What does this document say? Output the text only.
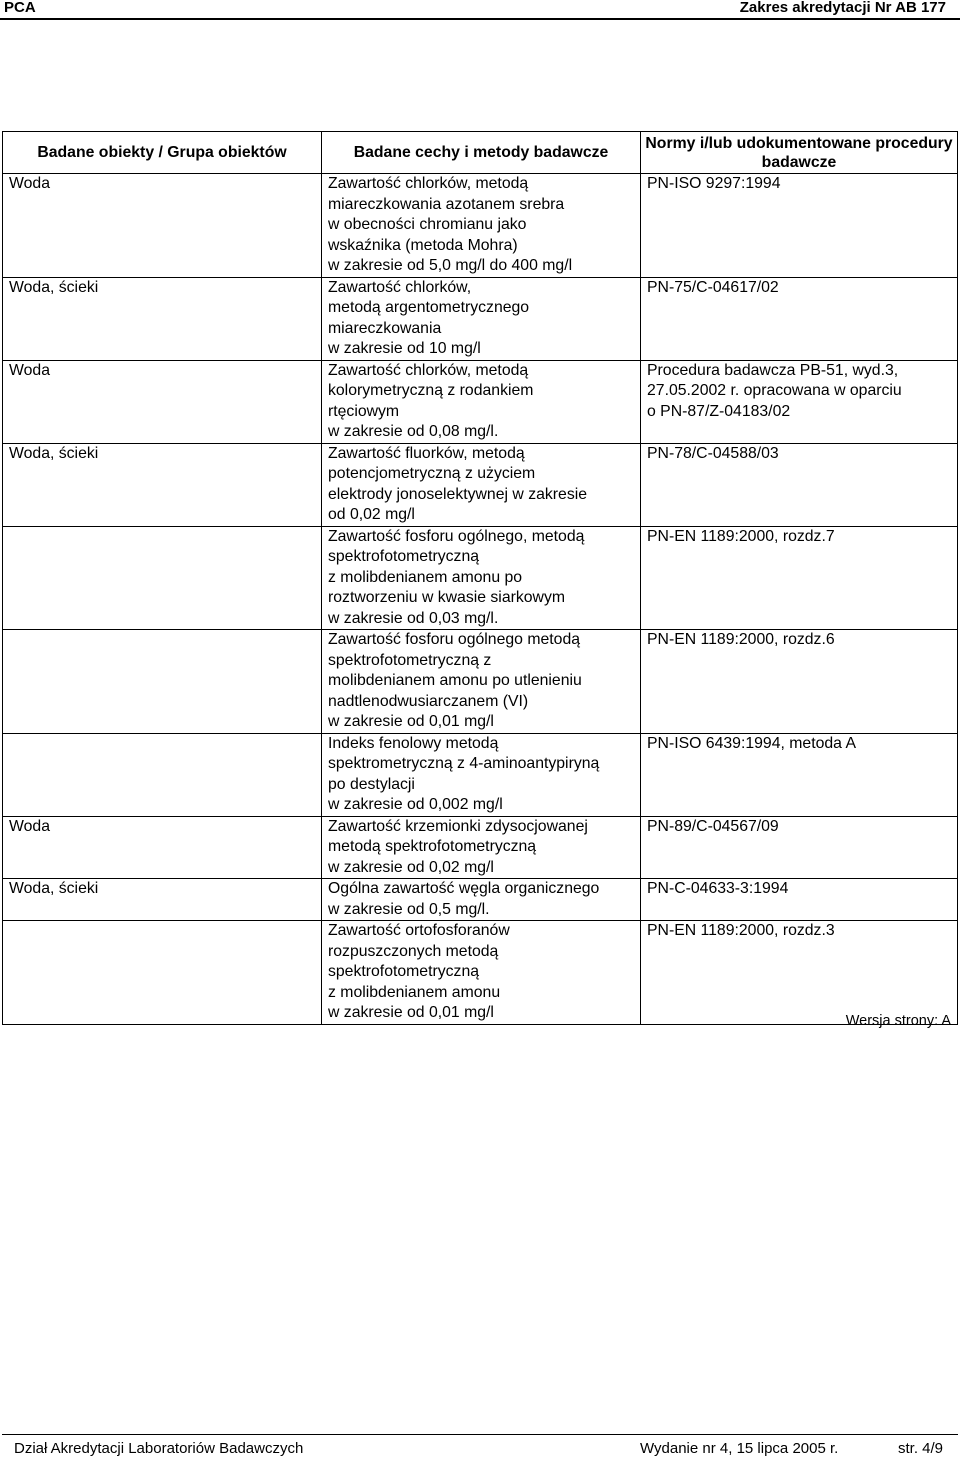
PCA	Zakres akredytacji Nr AB 177
Badane obiekty / Grupa obiektów	Badane cechy i metody badawcze	Normy i/lub udokumentowane procedury badawcze
Woda	Zawartość chlorków, metodą
miareczkowania azotanem srebra
w obecności chromianu jako
wskaźnika (metoda Mohra)
w zakresie od 5,0 mg/l do 400 mg/l	PN-ISO 9297:1994

Woda, ścieki	Zawartość chlorków,
metodą argentometrycznego
miareczkowania
w zakresie od 10 mg/l	PN-75/C-04617/02

Woda	Zawartość chlorków, metodą
kolorymetryczną z rodankiem
rtęciowym
w zakresie od 0,08 mg/l.	Procedura badawcza PB-51, wyd.3,
27.05.2002 r. opracowana w oparciu
o PN-87/Z-04183/02

Woda, ścieki	Zawartość fluorków, metodą
potencjometryczną z użyciem
elektrody jonoselektywnej w zakresie
od 0,02 mg/l	PN-78/C-04588/03

	Zawartość fosforu ogólnego, metodą
spektrofotometryczną
z molibdenianem amonu po
roztworzeniu w kwasie siarkowym
w zakresie od 0,03 mg/l.	PN-EN 1189:2000, rozdz.7

	Zawartość fosforu ogólnego metodą
spektrofotometryczną z
molibdenianem amonu po utlenieniu
nadtlenodwusiarczanem (VI)
w zakresie od 0,01 mg/l	PN-EN 1189:2000, rozdz.6

	Indeks fenolowy metodą
spektrometryczną z 4-aminoantypiryną
po destylacji
w zakresie od 0,002 mg/l	PN-ISO 6439:1994, metoda A

Woda	Zawartość krzemionki zdysocjowanej
metodą spektrofotometryczną
w zakresie od 0,02 mg/l	PN-89/C-04567/09

Woda, ścieki	Ogólna zawartość węgla organicznego
w zakresie od 0,5 mg/l.	PN-C-04633-3:1994

	Zawartość ortofosforanów
rozpuszczonych metodą
spektrofotometryczną
z molibdenianem amonu
w zakresie od 0,01 mg/l	PN-EN 1189:2000, rozdz.3
Wersja strony: A
Dział Akredytacji Laboratoriów Badawczych	Wydanie nr 4, 15 lipca 2005 r.	str. 4/9
